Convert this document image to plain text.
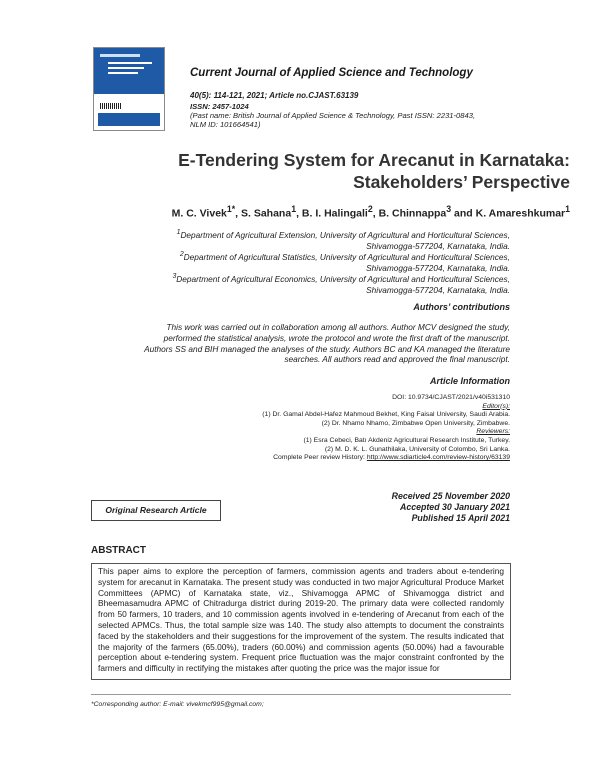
Current Journal of Applied Science and Technology
40(5): 114-121, 2021; Article no.CJAST.63139
ISSN: 2457-1024
(Past name: British Journal of Applied Science & Technology, Past ISSN: 2231-0843,
NLM ID: 101664541)
E-Tendering System for Arecanut in Karnataka:
Stakeholders’ Perspective
M. C. Vivek$^{1*}$, S. Sahana$^1$, B. I. Halingali$^2$, B. Chinnappa$^3$ and K. Amareshkumar$^1$
$^1$Department of Agricultural Extension, University of Agricultural and Horticultural Sciences,
Shivamogga-577204, Karnataka, India.
$^2$Department of Agricultural Statistics, University of Agricultural and Horticultural Sciences,
Shivamogga-577204, Karnataka, India.
$^3$Department of Agricultural Economics, University of Agricultural and Horticultural Sciences,
Shivamogga-577204, Karnataka, India.
Authors’ contributions
This work was carried out in collaboration among all authors. Author MCV designed the study,
performed the statistical analysis, wrote the protocol and wrote the first draft of the manuscript.
Authors SS and BIH managed the analyses of the study. Authors BC and KA managed the literature
searches. All authors read and approved the final manuscript.
Article Information
DOI: 10.9734/CJAST/2021/v40i531310
Editor(s):
(1) Dr. Gamal Abdel-Hafez Mahmoud Bekhet, King Faisal University, Saudi Arabia.
(2) Dr. Nhamo Nhamo, Zimbabwe Open University, Zimbabwe.
Reviewers:
(1) Esra Cebeci, Batı Akdeniz Agricultural Research Institute, Turkey.
(2) M. D. K. L. Gunathilaka, University of Colombo, Sri Lanka.
Complete Peer review History: http://www.sdiarticle4.com/review-history/63139
Received 25 November 2020
Accepted 30 January 2021
Published 15 April 2021
Original Research Article
ABSTRACT
This paper aims to explore the perception of farmers, commission agents and traders about e-tendering system for arecanut in Karnataka. The present study was conducted in two major Agricultural Produce Market Committees (APMC) of Karnataka state, viz., Shivamogga APMC of Shivamogga district and Bheemasamudra APMC of Chitradurga district during 2019-20. The primary data were collected randomly from 50 farmers, 10 traders, and 10 commission agents involved in e-tendering of Arecanut from each of the selected APMCs. Thus, the total sample size was 140. The study also attempts to document the constraints faced by the stakeholders and their suggestions for the improvement of the system. The results indicated that the majority of the farmers (65.00%), traders (60.00%) and commission agents (50.00%) had a favourable perception about e-tendering system. Frequent price fluctuation was the major constraint confronted by the farmers and difficulty in rectifying the mistakes after quoting the price was the major issue for
*Corresponding author: E-mail: vivekmcf995@gmail.com;
